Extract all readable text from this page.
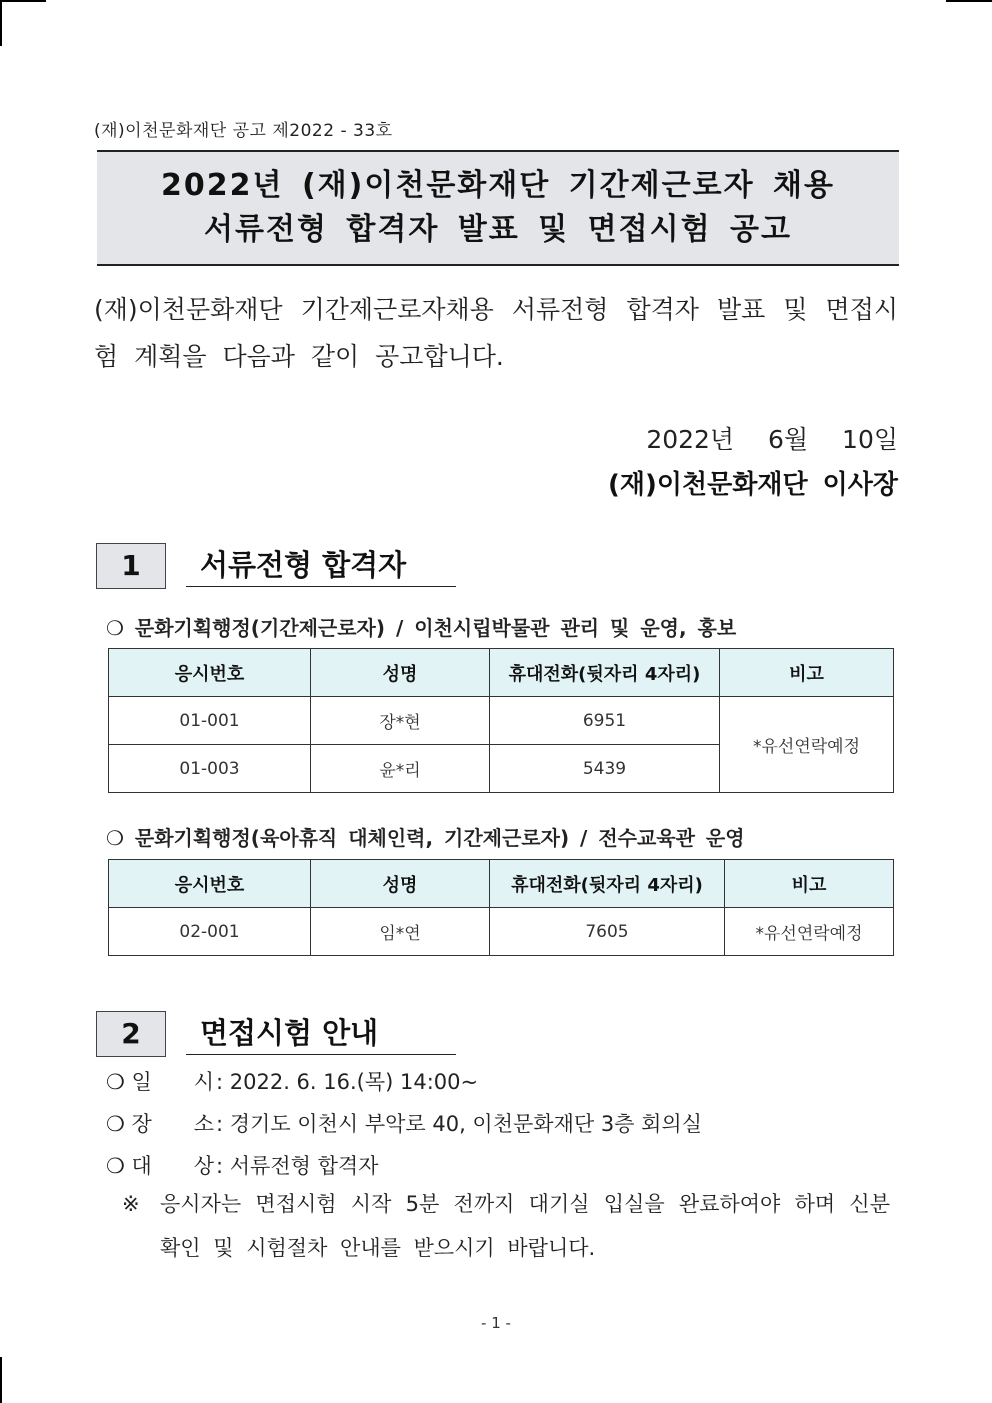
(재)이천문화재단 공고 제2022 - 33호
2022년 (재)이천문화재단 기간제근로자 채용
서류전형 합격자 발표 및 면접시험 공고
(재)이천문화재단 기간제근로자채용 서류전형 합격자 발표 및 면접시험 계획을 다음과 같이 공고합니다.
2022년 6월 10일
(재)이천문화재단 이사장
1	서류전형 합격자
❍ 문화기획행정(기간제근로자) / 이천시립박물관 관리 및 운영, 홍보
응시번호	성명	휴대전화(뒷자리 4자리)	비고
01-001	장*현	6951	*유선연락예정
01-003	윤*리	5439	
❍ 문화기획행정(육아휴직 대체인력, 기간제근로자) / 전수교육관 운영
응시번호	성명	휴대전화(뒷자리 4자리)	비고
02-001	임*연	7605	*유선연락예정
2	면접시험 안내
❍ 일　　시: 2022. 6. 16.(목) 14:00~
❍ 장　　소: 경기도 이천시 부악로 40, 이천문화재단 3층 회의실
❍ 대　　상: 서류전형 합격자
※ 응시자는 면접시험 시작 5분 전까지 대기실 입실을 완료하여야 하며 신분 확인 및 시험절차 안내를 받으시기 바랍니다.
- 1 -
